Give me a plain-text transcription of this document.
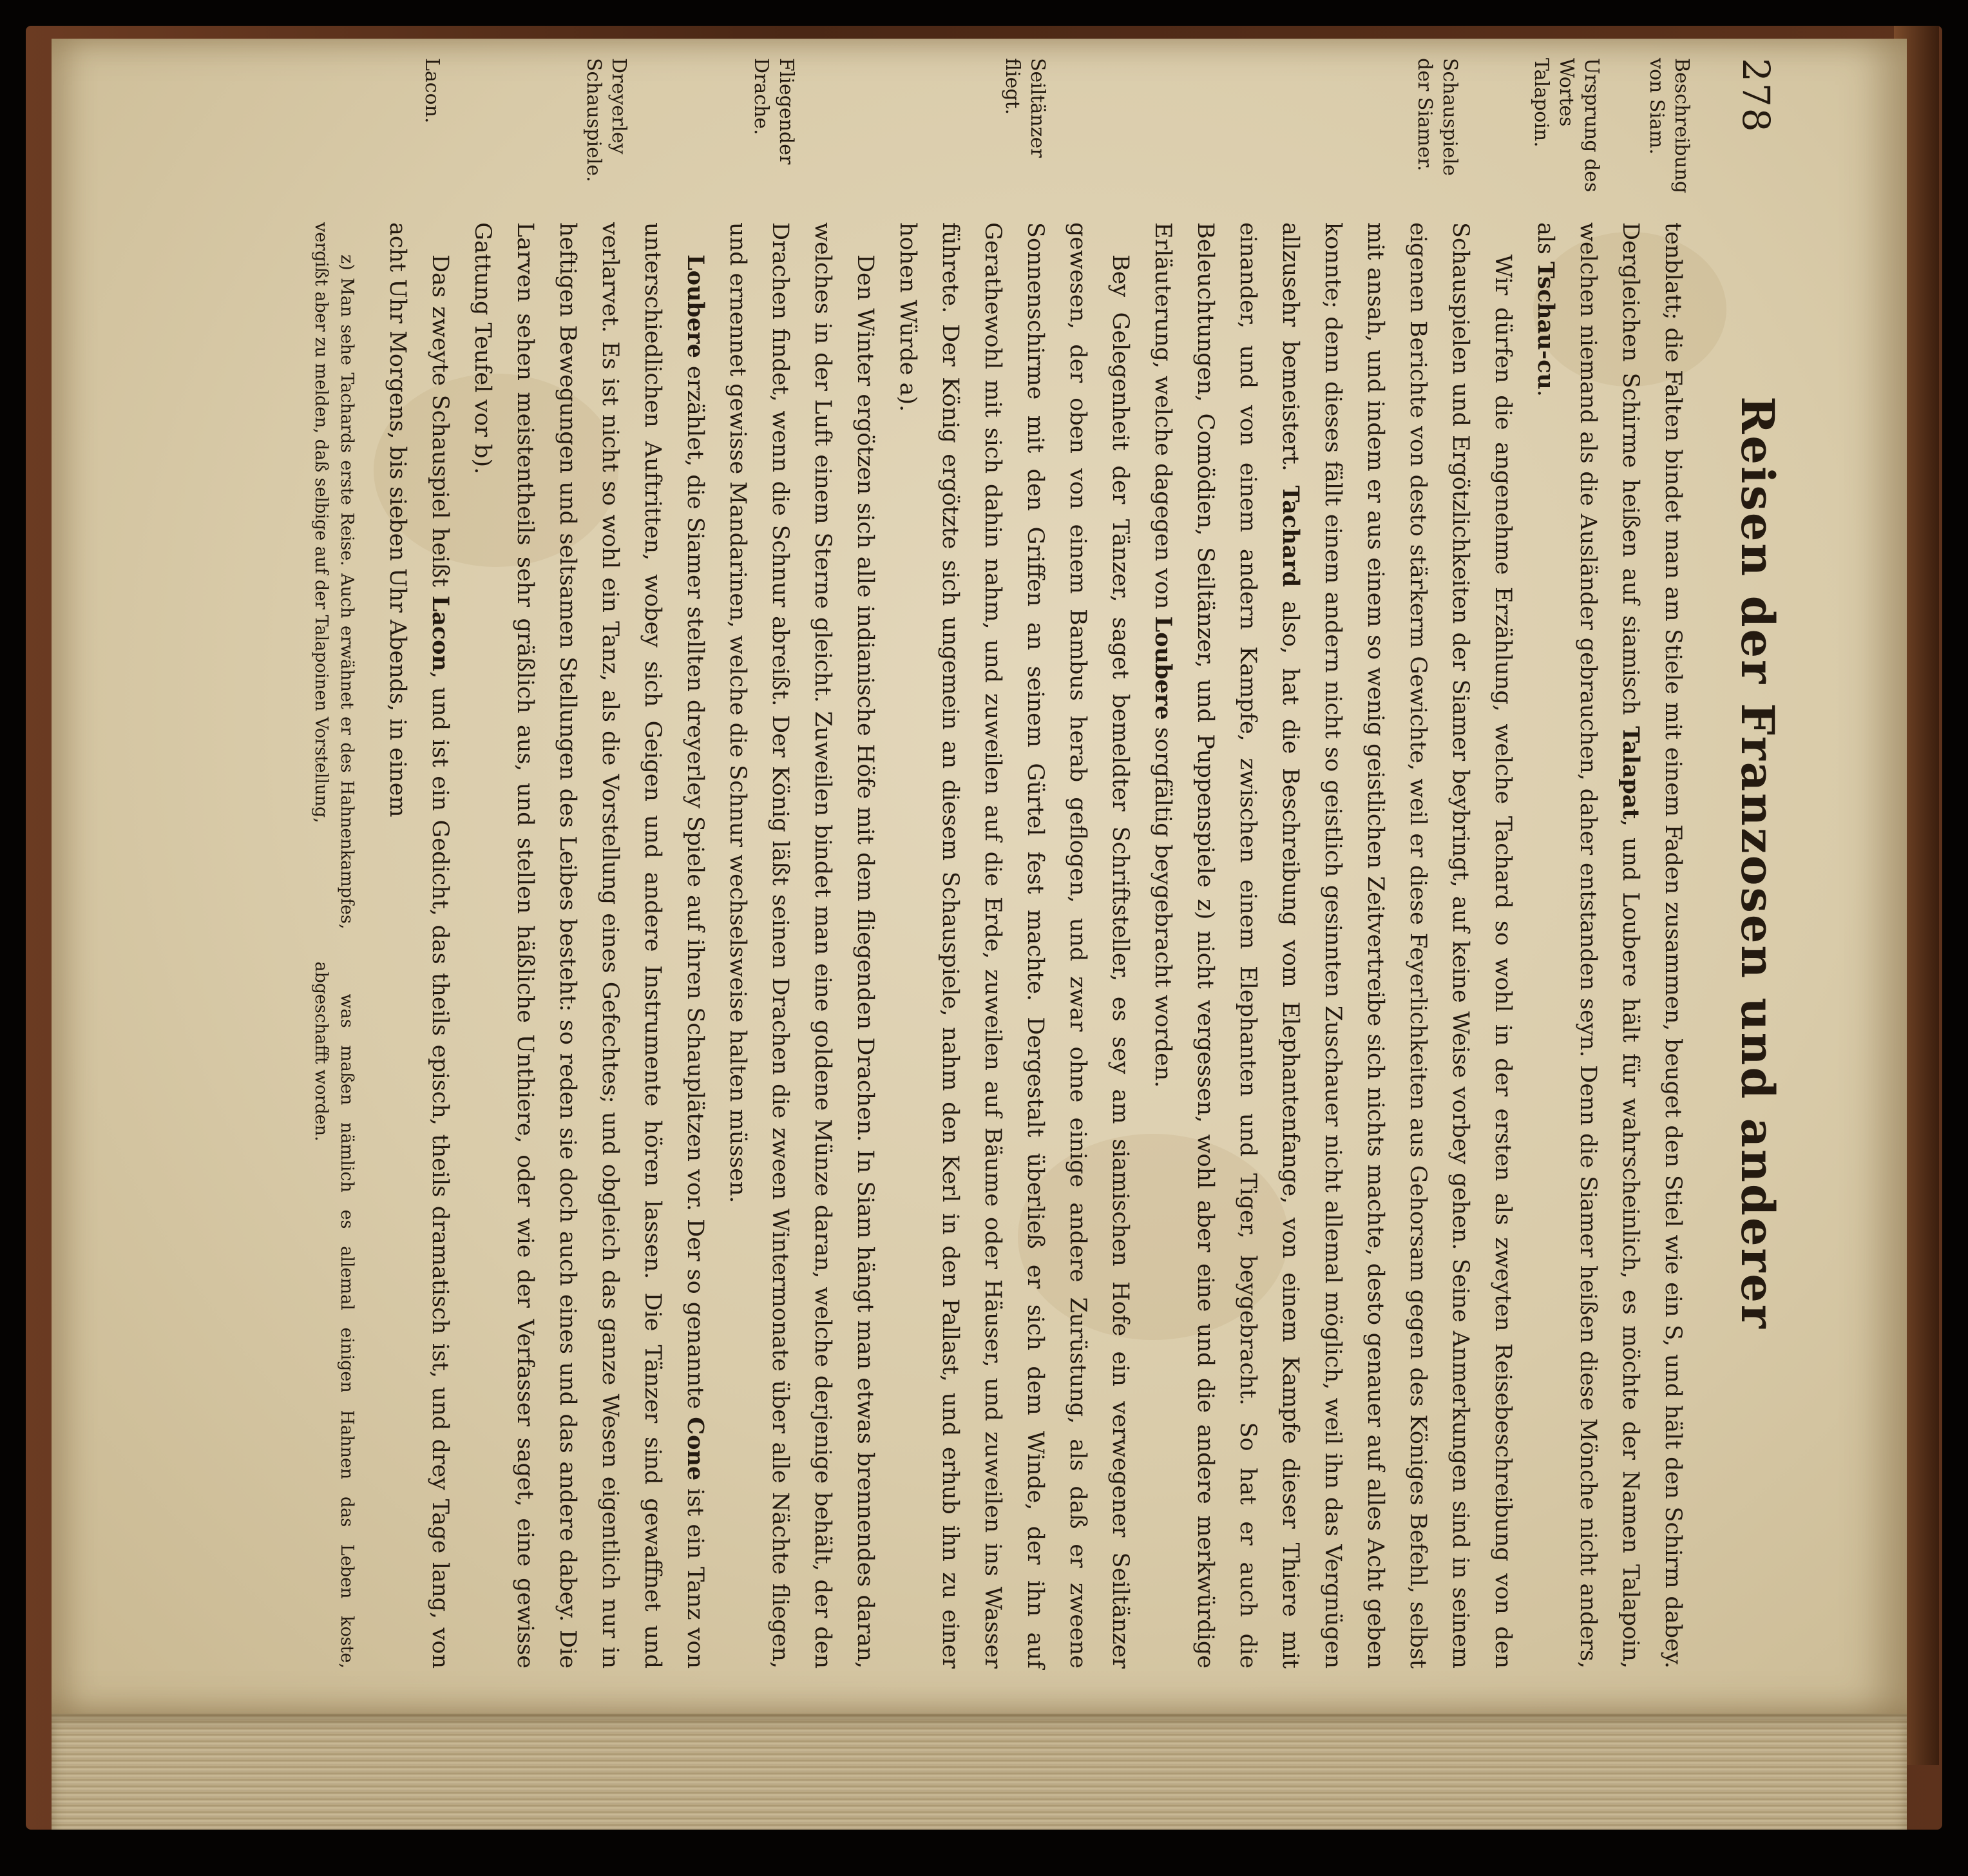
278
Reisen der Franzosen und anderer
Beschreibung von Siam.
Ursprung des Wortes Talapoin.
Schauspiele der Siamer.
Seiltänzer fliegt.
Fliegender Drache.
Dreyerley Schauspiele.
Lacon.

tenblatt; die Falten bindet man am Stiele mit einem Faden zusammen, beuget den Stiel wie ein S, und hält den Schirm dabey. Dergleichen Schirme heißen auf siamisch Talapat, und Loubere hält für wahrscheinlich, es möchte der Namen Talapoin, welchen niemand als die Ausländer gebrauchen, daher entstanden seyn. Denn die Siamer heißen diese Mönche nicht anders, als Tschau-cu.

Wir dürfen die angenehme Erzählung, welche Tachard so wohl in der ersten als zweyten Reisebeschreibung von den Schauspielen und Ergötzlichkeiten der Siamer beybringt, auf keine Weise vorbey gehen. Seine Anmerkungen sind in seinem eigenen Berichte von desto stärkerm Gewichte, weil er diese Feyerlichkeiten aus Gehorsam gegen des Königes Befehl, selbst mit ansah, und indem er aus einem so wenig geistlichen Zeitvertreibe sich nichts machte, desto genauer auf alles Acht geben konnte; denn dieses fällt einem andern nicht so geistlich gesinnten Zuschauer nicht allemal möglich, weil ihn das Vergnügen allzusehr bemeistert. Tachard also, hat die Beschreibung vom Elephantenfange, von einem Kampfe dieser Thiere mit einander, und von einem andern Kampfe, zwischen einem Elephanten und Tiger, beygebracht. So hat er auch die Beleuchtungen, Comödien, Seiltänzer, und Puppenspiele z) nicht vergessen, wohl aber eine und die andere merkwürdige Erläuterung, welche dagegen von Loubere sorgfältig beygebracht worden.

Bey Gelegenheit der Tänzer, saget bemeldter Schriftsteller, es sey am siamischen Hofe ein verwegener Seiltänzer gewesen, der oben von einem Bambus herab geflogen, und zwar ohne einige andere Zurüstung, als daß er zweene Sonnenschirme mit den Griffen an seinem Gürtel fest machte. Dergestalt überließ er sich dem Winde, der ihn auf Gerathewohl mit sich dahin nahm, und zuweilen auf die Erde, zuweilen auf Bäume oder Häuser, und zuweilen ins Wasser führete. Der König ergötzte sich ungemein an diesem Schauspiele, nahm den Kerl in den Pallast, und erhub ihn zu einer hohen Würde a).

Den Winter ergötzen sich alle indianische Höfe mit dem fliegenden Drachen. In Siam hängt man etwas brennendes daran, welches in der Luft einem Sterne gleicht. Zuweilen bindet man eine goldene Münze daran, welche derjenige behält, der den Drachen findet, wenn die Schnur abreißt. Der König läßt seinen Drachen die zween Wintermonate über alle Nächte fliegen, und ernennet gewisse Mandarinen, welche die Schnur wechselsweise halten müssen.

Loubere erzählet, die Siamer stellten dreyerley Spiele auf ihren Schauplätzen vor. Der so genannte Cone ist ein Tanz von unterschiedlichen Auftritten, wobey sich Geigen und andere Instrumente hören lassen. Die Tänzer sind gewaffnet und verlarvet. Es ist nicht so wohl ein Tanz, als die Vorstellung eines Gefechtes; und obgleich das ganze Wesen eigentlich nur in heftigen Bewegungen und seltsamen Stellungen des Leibes besteht: so reden sie doch auch eines und das andere dabey. Die Larven sehen meistentheils sehr gräßlich aus, und stellen häßliche Unthiere, oder wie der Verfasser saget, eine gewisse Gattung Teufel vor b).

Das zweyte Schauspiel heißt Lacon, und ist ein Gedicht, das theils episch, theils dramatisch ist, und drey Tage lang, von acht Uhr Morgens, bis sieben Uhr Abends, in einem

z) Man sehe Tachards erste Reise. Auch erwähnet er des Hahnenkampfes, vergißt aber zu melden, daß selbige auf der Talapoinen Vorstellung,

was maßen nämlich es allemal einigen Hahnen das Leben koste, abgeschafft worden.
